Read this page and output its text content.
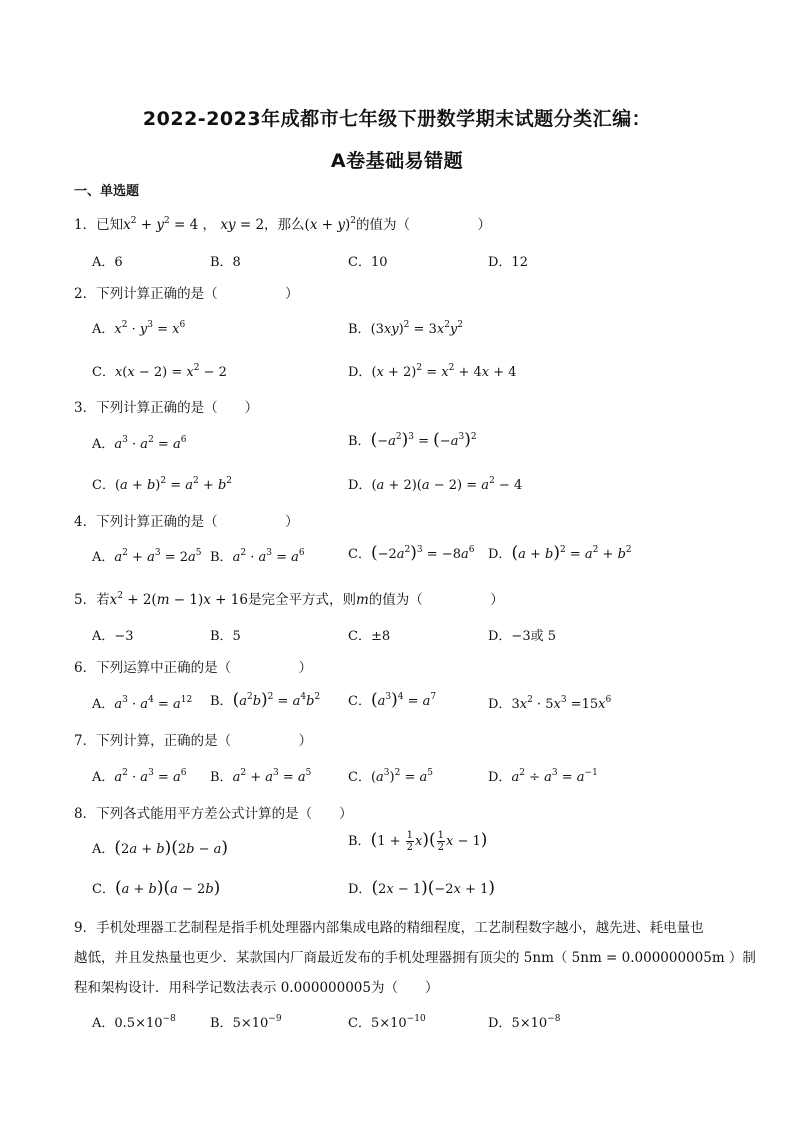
2022-2023年成都市七年级下册数学期末试题分类汇编：
A卷基础易错题
一、单选题
1．已知$x^2 + y^2 = 4$ ， xy = 2，那么$(x + y)^2$的值为（　　　　　）
A．6	B．8	C．10	D．12
2．下列计算正确的是（　　　　　）
A．$x^2 \cdot y^3 = x^6$	B．$(3xy)^2 = 3x^2y^2$
C．$x(x - 2) = x^2 - 2$	D．$(x + 2)^2 = x^2 + 4x + 4$
3．下列计算正确的是（　　）
A．$a^3 \cdot a^2 = a^6$	B．$(-a^2)^3 = (-a^3)^2$
C．$(a + b)^2 = a^2 + b^2$	D．$(a + 2)(a - 2) = a^2 - 4$
4．下列计算正确的是（　　　　　）
A．$a^2 + a^3 = 2a^5$ B．$a^2 \cdot a^3 = a^6$	C．$(-2a^2)^3 = -8a^6$ D．$(a + b)^2 = a^2 + b^2$
5．若$x^2 + 2(m - 1)x + 16$是完全平方式，则m的值为（　　　　　）
A．−3	B．5	C．±8	D．−3或 5
6．下列运算中正确的是（　　　　　）
A．$a^3 \cdot a^4 = a^{12}$ B．$(a^2b)^2 = a^4b^2$ C．$(a^3)^4 = a^7$	D．$3x^2 \cdot 5x^3 =15x^6$
7．下列计算，正确的是（　　　　　）
A．$a^2 \cdot a^3 = a^6$ B．$a^2 + a^3 = a^5$	C．$(a^3)^2 = a^5$	D．$a^2 \div a^3 = a^{-1}$
8．下列各式能用平方差公式计算的是（　　）
A．(2a + b)(2b − a)	B．$(1 + \frac{1}{2} x)( \frac{1}{2}$ x − 1)
C．(a + b)(a − 2b)	D．(2x − 1)(−2x + 1)
9．手机处理器工艺制程是指手机处理器内部集成电路的精细程度，工艺制程数字越小，越先进、耗电量也
越低，并且发热量也更少．某款国内厂商最近发布的手机处理器拥有顶尖的 5nm（ 5nm = 0.000000005m ）制
程和架构设计．用科学记数法表示 0.000000005为（　　）
A．$0.5\times 10^{-8}$	B．$5\times 10^{-9}$	C．$5\times 10^{-10}$	D．$5\times 10^{-8}$
